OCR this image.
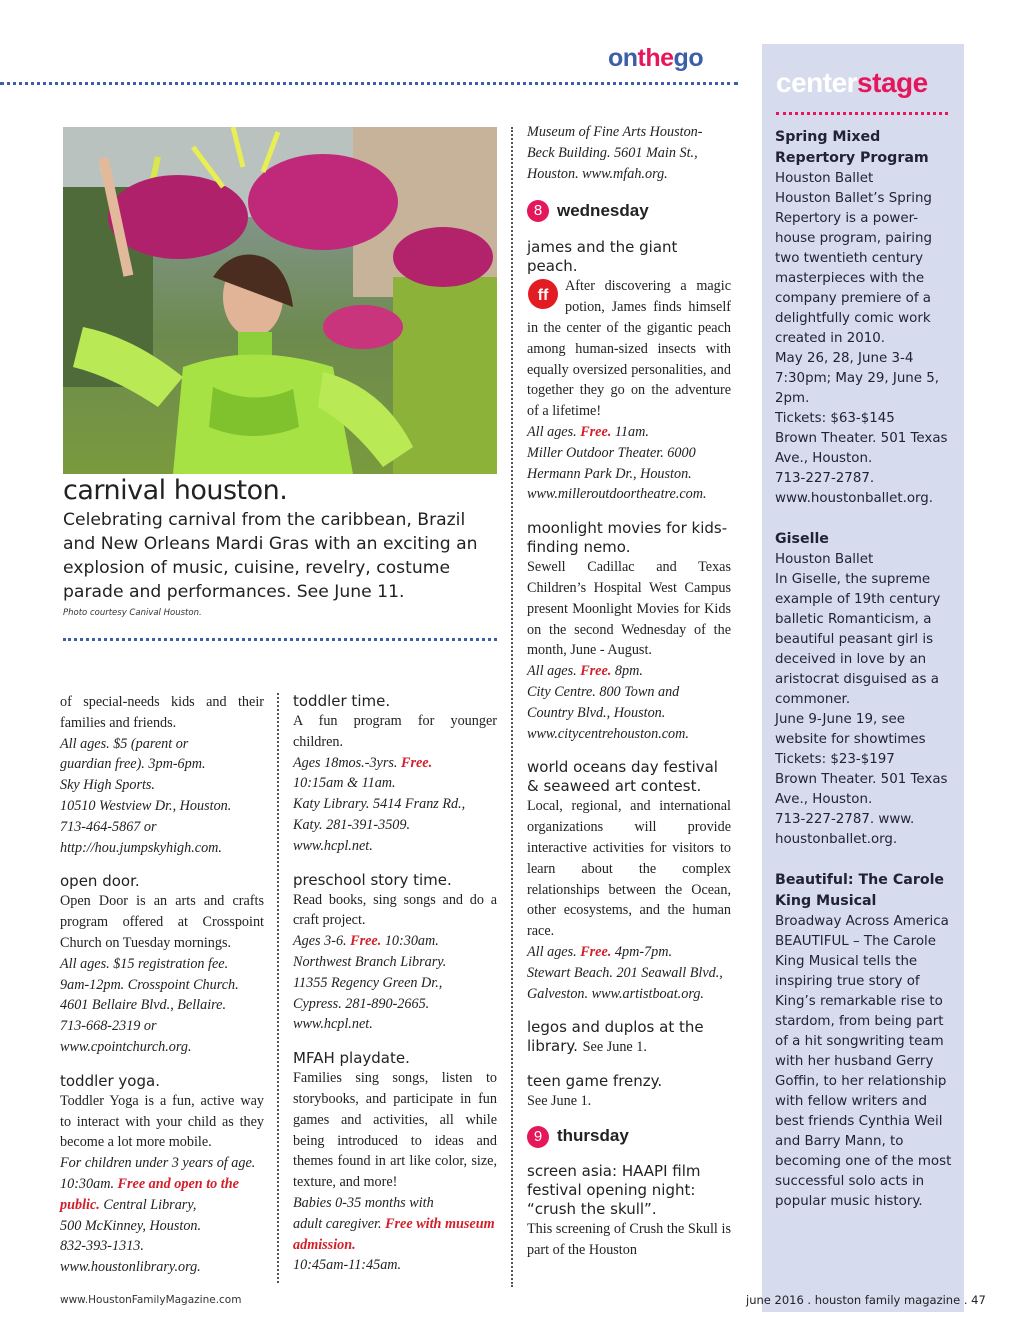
onthego
centerstage

Spring Mixed Repertory Program

Houston Ballet

Houston Ballet’s Spring Repertory is a power-house program, pairing two twentieth century masterpieces with the company premiere of a delightfully comic work created in 2010.

May 26, 28, June 3-4 7:30pm; May 29, June 5, 2pm.

Tickets: $63-$145

Brown Theater. 501 Texas Ave., Houston.

713-227-2787.

www.houstonballet.org.

Giselle

Houston Ballet

In Giselle, the supreme example of 19th century balletic Romanticism, a beautiful peasant girl is deceived in love by an aristocrat disguised as a commoner.

June 9-June 19, see website for showtimes

Tickets: $23-$197

Brown Theater. 501 Texas Ave., Houston.

713-227-2787. www. houstonballet.org.

Beautiful: The Carole King Musical

Broadway Across America

BEAUTIFUL – The Carole King Musical tells the inspiring true story of King’s remarkable rise to stardom, from being part of a hit songwriting team with her husband Gerry Goffin, to her relationship with fellow writers and best friends Cynthia Weil and Barry Mann, to becoming one of the most successful solo acts in popular music history.

carnival houston.
Celebrating carnival from the caribbean, Brazil and New Orleans Mardi Gras with an exciting an explosion of music, cuisine, revelry, costume parade and performances. See June 11.
Photo courtesy Canival Houston.

of special-needs kids and their families and friends.

All ages. $5 (parent or

guardian free). 3pm-6pm.

Sky High Sports.

10510 Westview Dr., Houston.

713-464-5867 or

http://hou.jumpskyhigh.com.

open door.

Open Door is an arts and crafts program offered at Crosspoint Church on Tuesday mornings.

All ages. $15 registration fee.

9am-12pm. Crosspoint Church.

4601 Bellaire Blvd., Bellaire.

713-668-2319 or

www.cpointchurch.org.

toddler yoga.

Toddler Yoga is a fun, active way to interact with your child as they become a lot more mobile.

For children under 3 years of age.

10:30am. Free and open to the public. Central Library,

500 McKinney, Houston.

832-393-1313.

www.houstonlibrary.org.

toddler time.

A fun program for younger children.

Ages 18mos.-3yrs. Free.

10:15am & 11am.

Katy Library. 5414 Franz Rd.,

Katy. 281-391-3509.

www.hcpl.net.

preschool story time.

Read books, sing songs and do a craft project.

Ages 3-6. Free. 10:30am.

Northwest Branch Library.

11355 Regency Green Dr.,

Cypress. 281-890-2665.

www.hcpl.net.

MFAH playdate.

Families sing songs, listen to storybooks, and participate in fun games and activities, all while being introduced to ideas and themes found in art like color, size, texture, and more!

Babies 0-35 months with

adult caregiver. Free with museum admission.

10:45am-11:45am.

Museum of Fine Arts Houston-

Beck Building. 5601 Main St.,

Houston. www.mfah.org.

8 wednesday

james and the giant peach.

ff
After discovering a magic potion, James finds himself in the center of the gigantic peach among human-sized insects with equally oversized personalities, and together they go on the adventure of a lifetime!

All ages. Free. 11am.

Miller Outdoor Theater. 6000

Hermann Park Dr., Houston.

www.milleroutdoortheatre.com.

moonlight movies for kids-finding nemo.

Sewell Cadillac and Texas Children’s Hospital West Campus present Moonlight Movies for Kids on the second Wednesday of the month, June - August.

All ages. Free. 8pm.

City Centre. 800 Town and

Country Blvd., Houston.

www.citycentrehouston.com.

world oceans day festival & seaweed art contest.

Local, regional, and international organizations will provide interactive activities for visitors to learn about the complex relationships between the Ocean, other ecosystems, and the human race.

All ages. Free. 4pm-7pm.

Stewart Beach. 201 Seawall Blvd.,

Galveston. www.artistboat.org.

legos and duplos at the library. See June 1.

teen game frenzy.

See June 1.

9 thursday

screen asia: HAAPI film festival opening night: “crush the skull”.

This screening of Crush the Skull is part of the Houston

www.HoustonFamilyMagazine.com	june 2016 . houston family magazine . 47
